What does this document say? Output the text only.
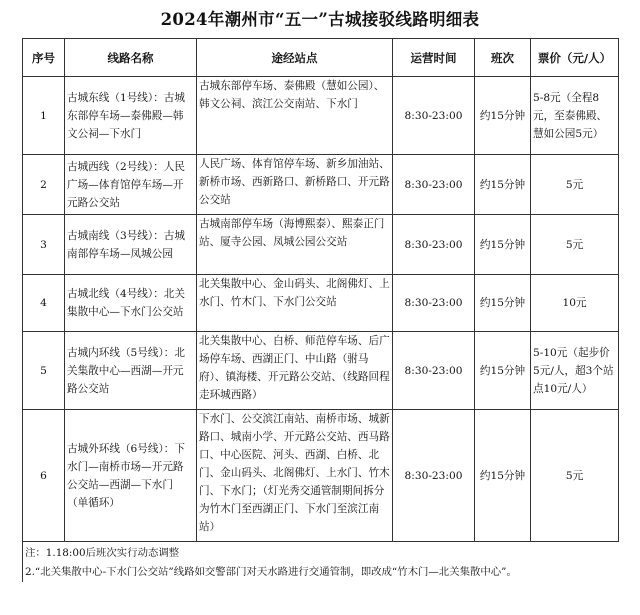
2024年潮州市“五一”古城接驳线路明细表
序号	线路名称	途经站点	运营时间	班次	票价（元/人）
1	古城东线（1号线）：古城东部停车场—泰佛殿—韩文公祠—下水门	古城东部停车场、泰佛殿（慧如公园）、韩文公祠、滨江公交南站、下水门	8:30-23:00	约15分钟	5-8元（全程8元，至泰佛殿、慧如公园5元）
2	古城西线（2号线）：人民广场—体育馆停车场—开元路公交站	人民广场、体育馆停车场、新乡加油站、新桥市场、西新路口、新桥路口、开元路公交站	8:30-23:00	约15分钟	5元
3	古城南线（3号线）：古城南部停车场—凤城公园	古城南部停车场（海博熙泰）、熙泰正门站、厦寺公园、凤城公园公交站	8:30-23:00	约15分钟	5元
4	古城北线（4号线）：北关集散中心—下水门公交站	北关集散中心、金山码头、北阁佛灯、上水门、竹木门、下水门公交站	8:30-23:00	约15分钟	10元
5	古城内环线（5号线）：北关集散中心—西湖—开元路公交站	北关集散中心、白桥、师范停车场、后广场停车场、西湖正门、中山路（驸马府）、镇海楼、开元路公交站、（线路回程走环城西路）	8:30-23:00	约15分钟	5-10元（起步价5元/人，超3个站点10元/人）
6	古城外环线（6号线）：下水门—南桥市场—开元路公交站—西湖—下水门（单循环）	下水门、公交滨江南站、南桥市场、城新路口、城南小学、开元路公交站、西马路口、中心医院、河头、西湖、白桥、北门、金山码头、北阁佛灯、上水门、竹木门、下水门；（灯光秀交通管制期间拆分为竹木门至西湖正门、下水门至滨江南站）	8:30-23:00	约15分钟	5元

注：1.18:00后班次实行动态调整
2.“北关集散中心-下水门公交站”线路如交警部门对天水路进行交通管制，即改成“竹木门—北关集散中心”。					
